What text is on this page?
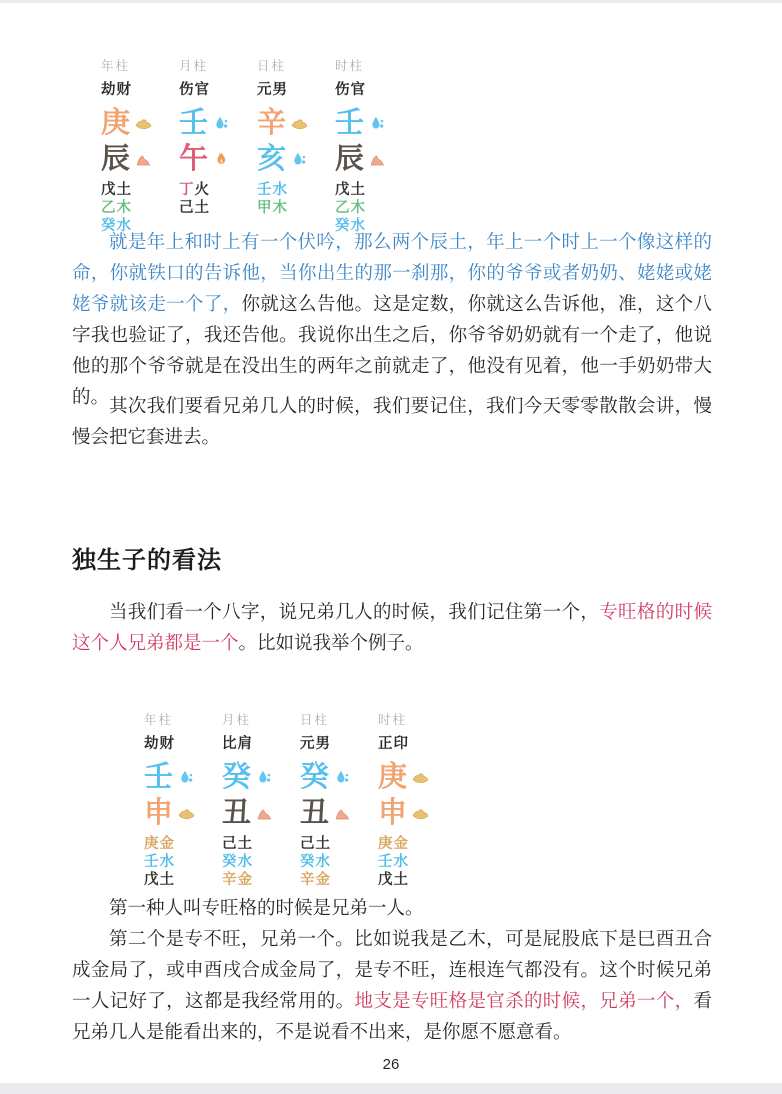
年柱
劫财
庚
辰
戊土
乙木
癸水
月柱
伤官
壬
午
丁火
己土
日柱
元男
辛
亥
壬水
甲木
时柱
伤官
壬
辰
戊土
乙木
癸水

就是年上和时上有一个伏吟，那么两个辰土，年上一个时上一个像这样的命，你就铁口的告诉他，当你出生的那一刹那，你的爷爷或者奶奶、姥姥或姥姥爷就该走一个了，你就这么告他。这是定数，你就这么告诉他，准，这个八字我也验证了，我还告他。我说你出生之后，你爷爷奶奶就有一个走了，他说他的那个爷爷就是在没出生的两年之前就走了，他没有见着，他一手奶奶带大的。 其次我们要看兄弟几人的时候，我们要记住，我们今天零零散散会讲，慢慢会把它套进去。

独生子的看法

当我们看一个八字，说兄弟几人的时候，我们记住第一个，专旺格的时候这个人兄弟都是一个。比如说我举个例子。

年柱
劫财
壬
申
庚金
壬水
戊土
月柱
比肩
癸
丑
己土
癸水
辛金
日柱
元男
癸
丑
己土
癸水
辛金
时柱
正印
庚
申
庚金
壬水
戊土

第一种人叫专旺格的时候是兄弟一人。

第二个是专不旺，兄弟一个。比如说我是乙木，可是屁股底下是巳酉丑合成金局了，或申酉戌合成金局了，是专不旺，连根连气都没有。这个时候兄弟一人记好了，这都是我经常用的。地支是专旺格是官杀的时候，兄弟一个，看兄弟几人是能看出来的，不是说看不出来，是你愿不愿意看。

26
